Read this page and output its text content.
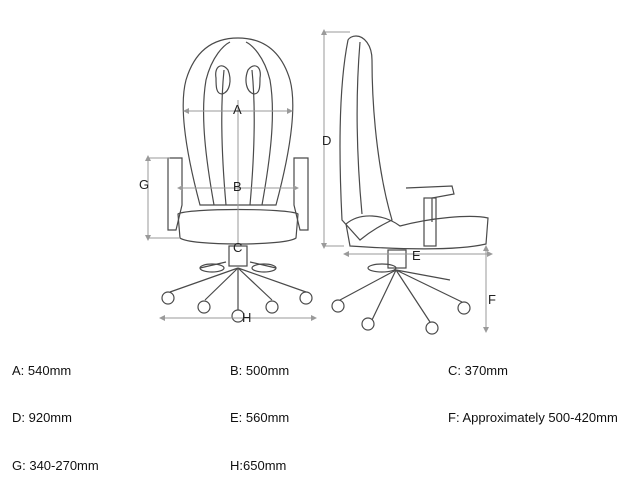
A
B
C
G
H
D
E
F
A: 540mm	B: 500mm	C: 370mm
D: 920mm	E: 560mm	F: Approximately 500-420mm
G: 340-270mm	H:650mm
